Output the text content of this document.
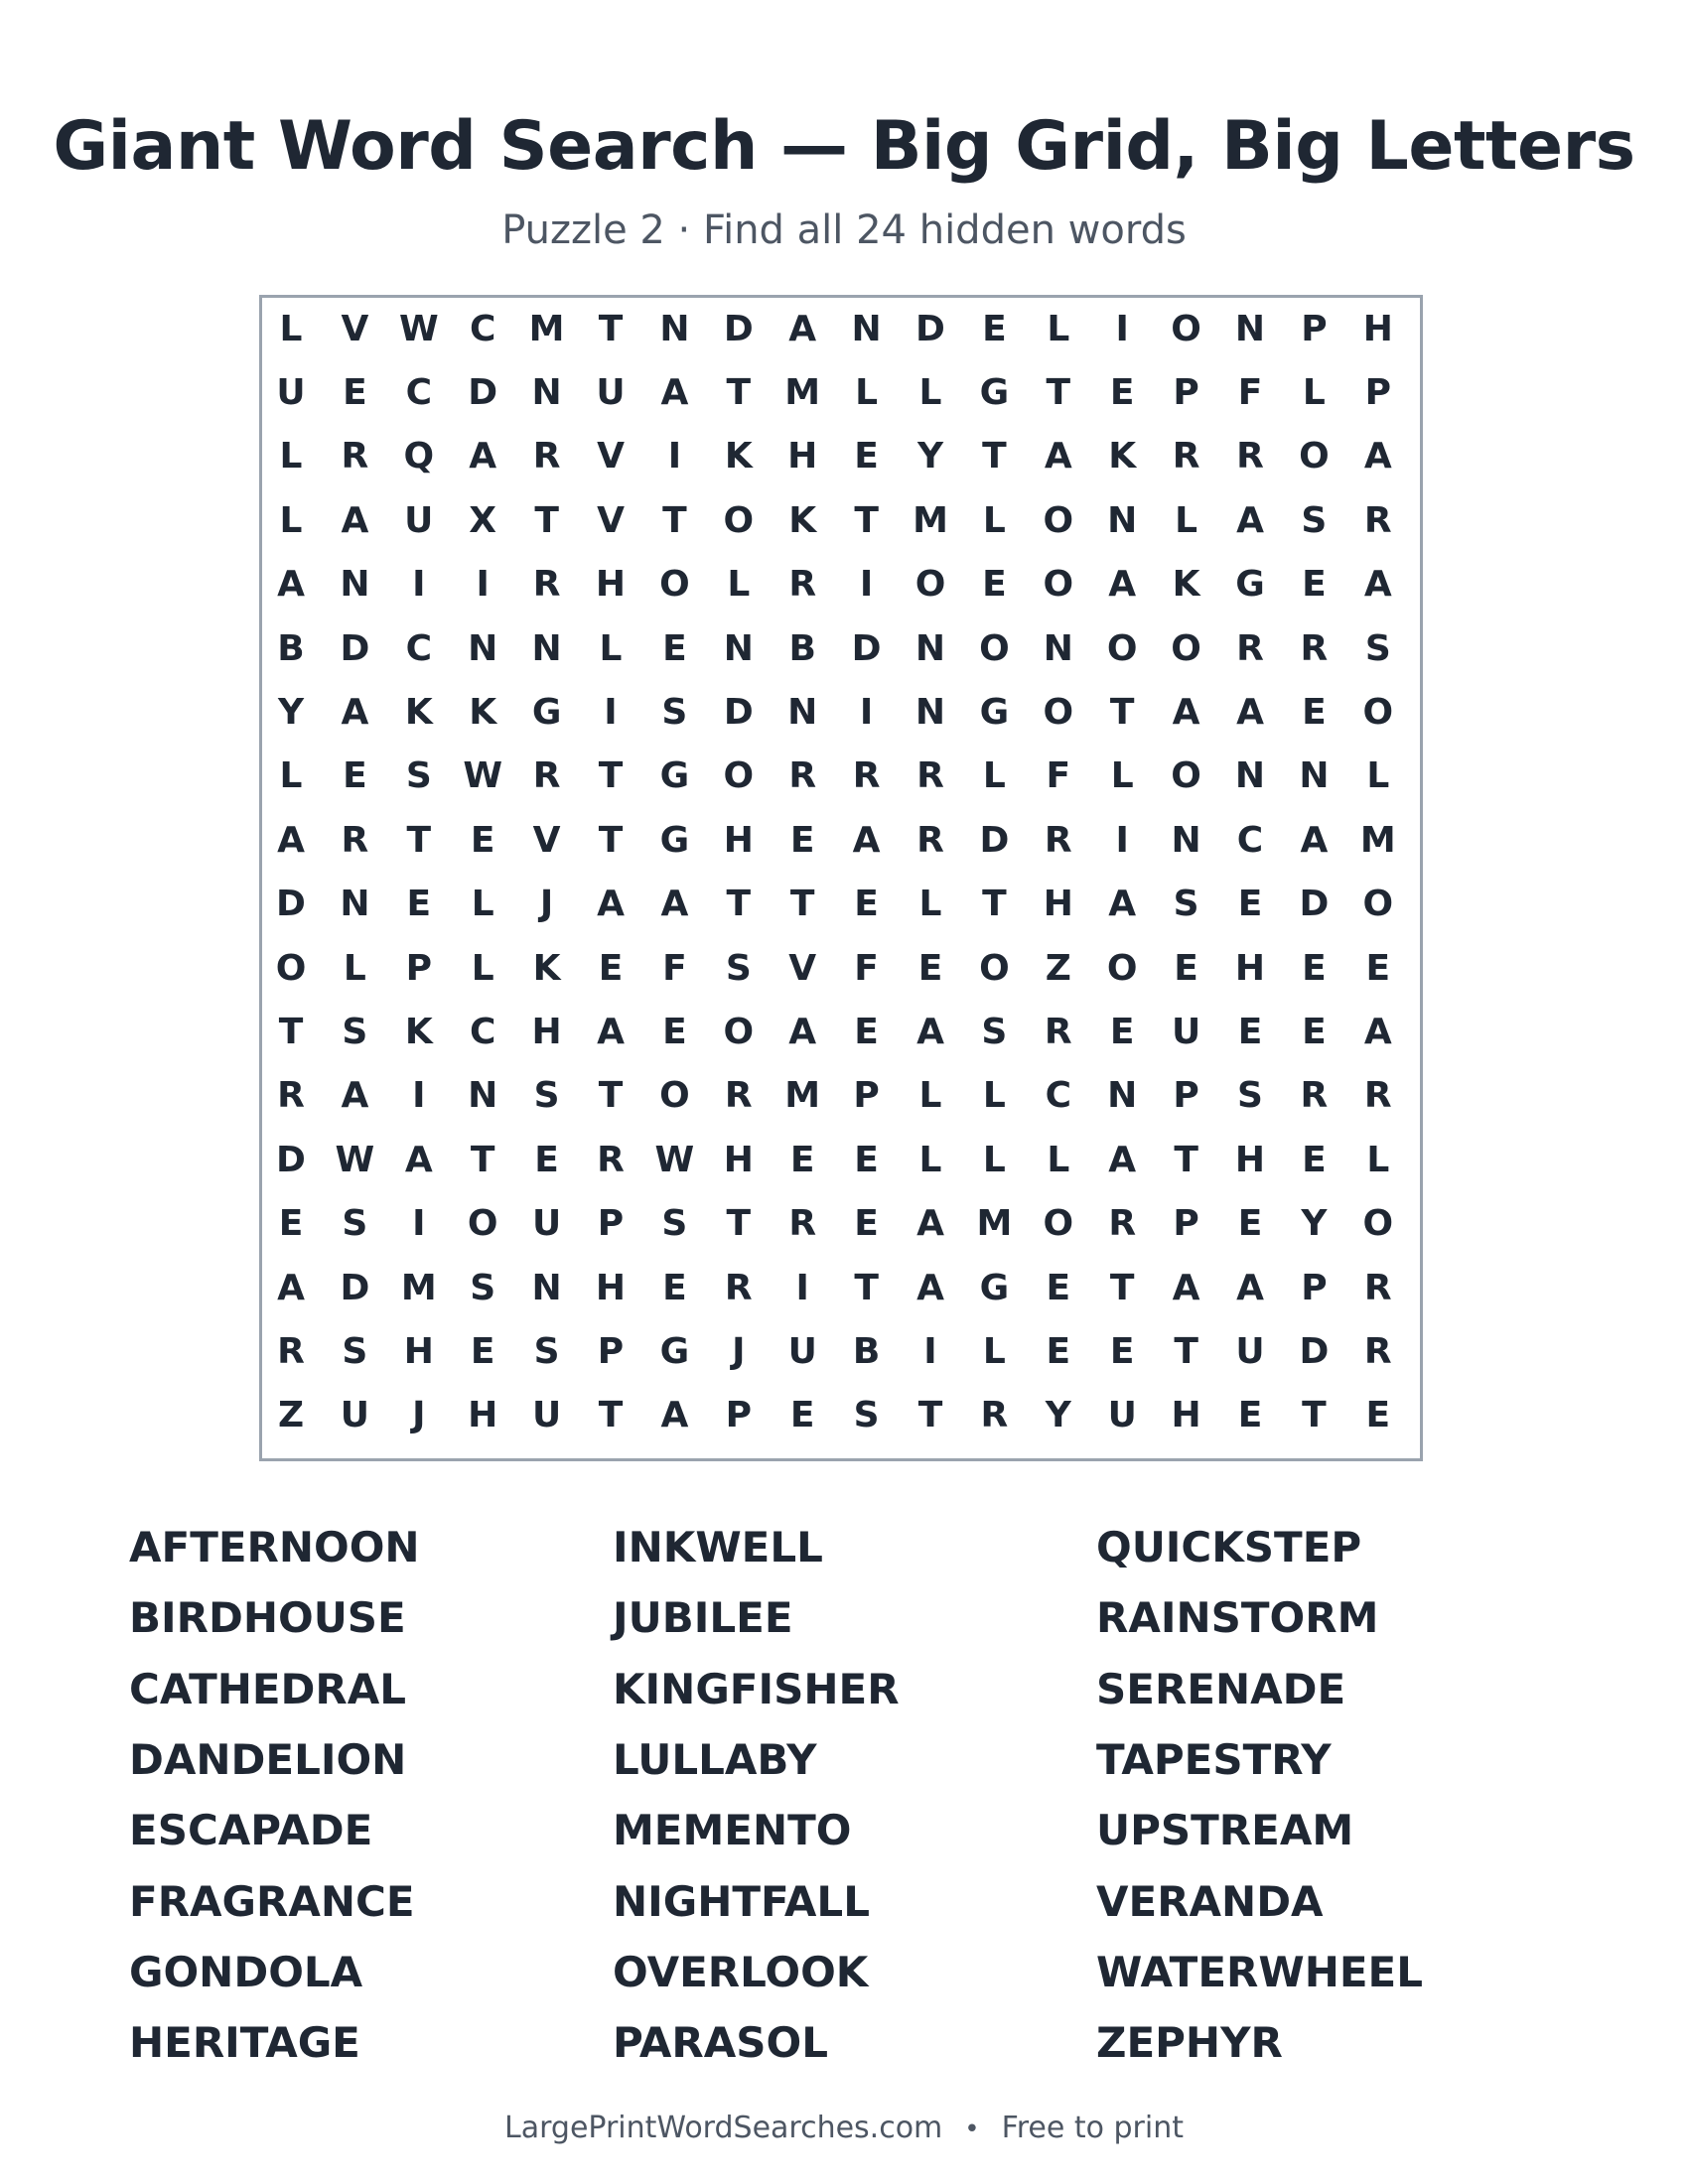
Giant Word Search — Big Grid, Big Letters
Puzzle 2 · Find all 24 hidden words
L	V W C M T	N D A N D	E	L	I	O N	P	H
U	E	C	D N U A	T M L	L	G	T	E	P	F	L	P
L	R Q A	R	V	I	K H	E	Y	T	A	K	R	R O A
L	A U X	T	V	T	O K	T M L	O N	L	A	S	R
A N	I	I	R H O	L	R	I	O	E	O A	K G	E	A
B D	C	N N	L	E	N B D N O N O O R	R	S
Y	A	K	K G	I	S	D N	I	N G O	T	A	A	E	O
L	E	S W R	T	G O R	R	R	L	F	L	O N N	L
A	R	T	E	V	T	G H	E	A	R D R	I	N	C	A M
D N	E	L	J	A	A	T	T	E	L	T	H A	S	E	D O
O	L	P	L	K	E	F	S	V	F	E	O	Z	O	E	H	E	E
T	S	K	C	H A	E	O A	E	A	S	R	E	U	E	E	A
R	A	I	N	S	T	O R M P	L	L	C	N	P	S	R	R
D W A	T	E	R W H	E	E	L	L	L	A	T	H	E	L
E	S	I	O U	P	S	T	R	E	A M O R	P	E	Y	O
A D M S	N H	E	R	I	T	A G	E	T	A	A	P	R
R	S	H	E	S	P	G	J	U	B	I	L	E	E	T	U D R
Z	U	J	H U	T	A	P	E	S	T	R	Y	U H	E	T	E
AFTERNOON
BIRDHOUSE
CATHEDRAL
DANDELION
ESCAPADE
FRAGRANCE
GONDOLA
HERITAGE
INKWELL
JUBILEE
KINGFISHER
LULLABY
MEMENTO
NIGHTFALL
OVERLOOK
PARASOL
QUICKSTEP
RAINSTORM
SERENADE
TAPESTRY
UPSTREAM
VERANDA
WATERWHEEL
ZEPHYR
LargePrintWordSearches.com • Free to print
